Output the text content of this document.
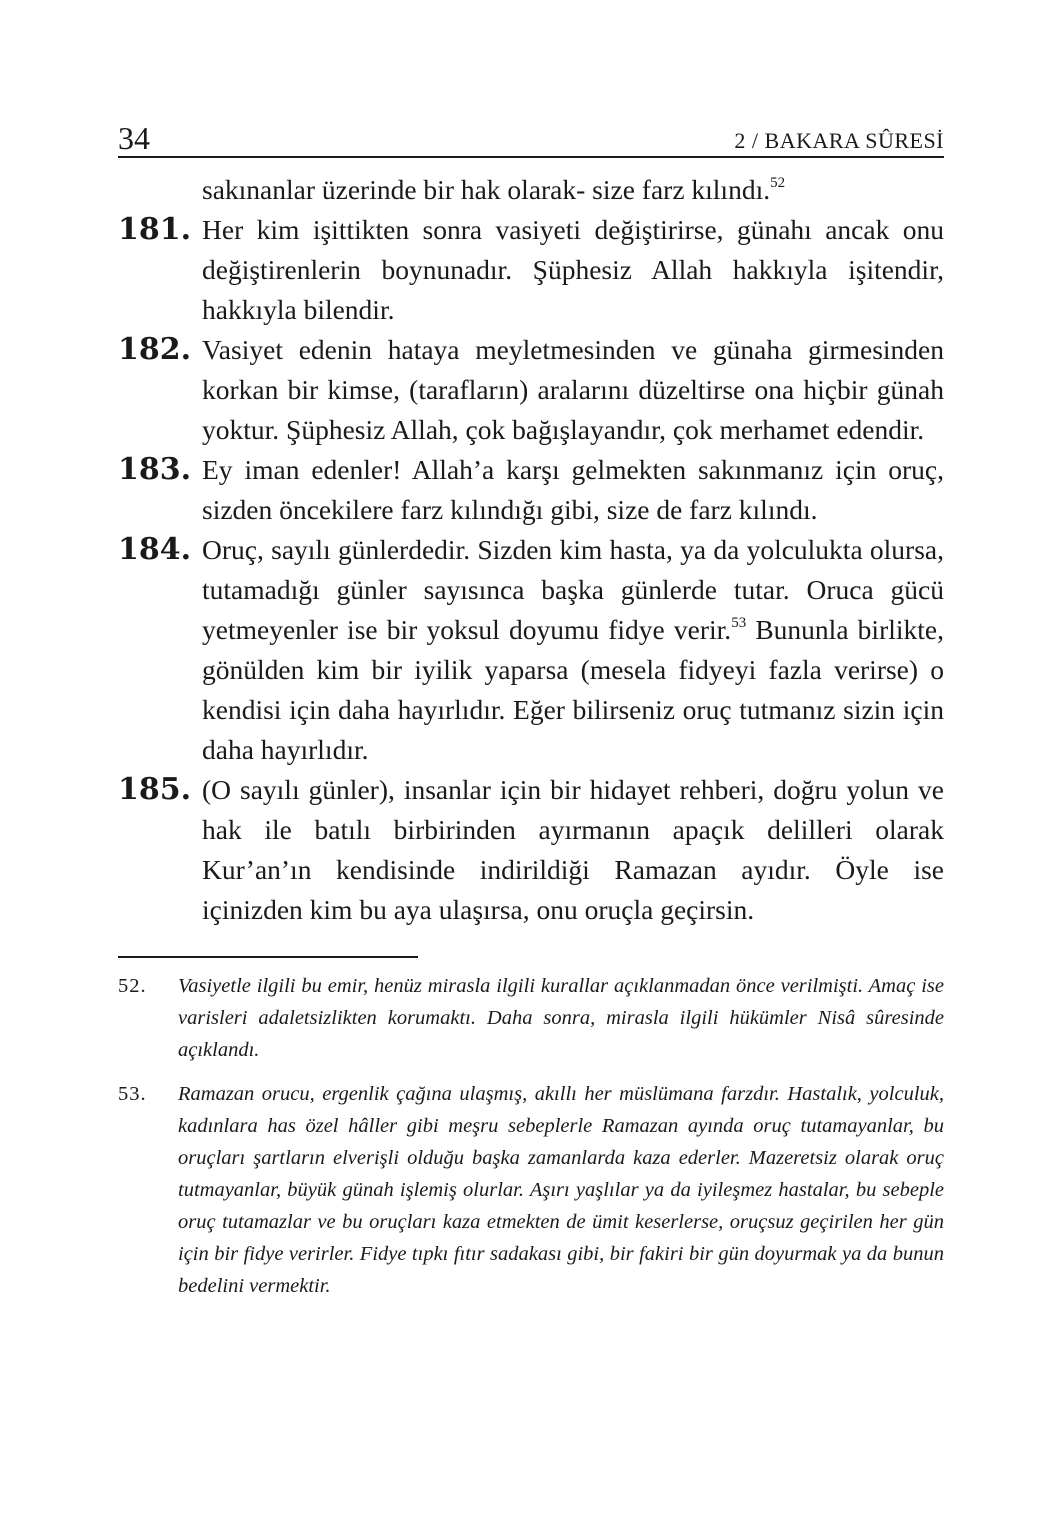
34	2 / BAKARA SÛRESİ

sakınanlar üzerinde bir hak olarak- size farz kılındı.$^{52}$

181. Her kim işittikten sonra vasiyeti değiştirirse, günahı ancak onu değiştirenlerin boynunadır. Şüphesiz Allah hakkıyla işitendir, hakkıyla bilendir.
182. Vasiyet edenin hataya meyletmesinden ve günaha girmesinden korkan bir kimse, (tarafların) aralarını düzeltirse ona hiçbir günah yoktur. Şüphesiz Allah, çok bağışlayandır, çok merhamet edendir.
183. Ey iman edenler! Allah’a karşı gelmekten sakınmanız için oruç, sizden öncekilere farz kılındığı gibi, size de farz kılındı.
184. Oruç, sayılı günlerdedir. Sizden kim hasta, ya da yolculukta olursa, tutamadığı günler sayısınca başka günlerde tutar. Oruca gücü yetmeyenler ise bir yoksul doyumu fidye verir.$^{53}$ Bununla birlikte, gönülden kim bir iyilik yaparsa (mesela fidyeyi fazla verirse) o kendisi için daha hayırlıdır. Eğer bilirseniz oruç tutmanız sizin için daha hayırlıdır.
185. (O sayılı günler), insanlar için bir hidayet rehberi, doğru yolun ve hak ile batılı birbirinden ayırmanın apaçık delilleri olarak Kur’an’ın kendisinde indirildiği Ramazan ayıdır. Öyle ise içinizden kim bu aya ulaşırsa, onu oruçla geçirsin.
52.	Vasiyetle ilgili bu emir, henüz mirasla ilgili kurallar açıklanmadan önce verilmişti. Amaç ise varisleri adaletsizlikten korumaktı. Daha sonra, mirasla ilgili hükümler Nisâ sûresinde açıklandı.
53.	Ramazan orucu, ergenlik çağına ulaşmış, akıllı her müslümana farzdır. Hastalık, yolculuk, kadınlara has özel hâller gibi meşru sebeplerle Ramazan ayında oruç tutamayanlar, bu oruçları şartların elverişli olduğu başka zamanlarda kaza ederler. Mazeretsiz olarak oruç tutmayanlar, büyük günah işlemiş olurlar. Aşırı yaşlılar ya da iyileşmez hastalar, bu sebeple oruç tutamazlar ve bu oruçları kaza etmekten de ümit keserlerse, oruçsuz geçirilen her gün için bir fidye verirler. Fidye tıpkı fıtır sadakası gibi, bir fakiri bir gün doyurmak ya da bunun bedelini vermektir.
